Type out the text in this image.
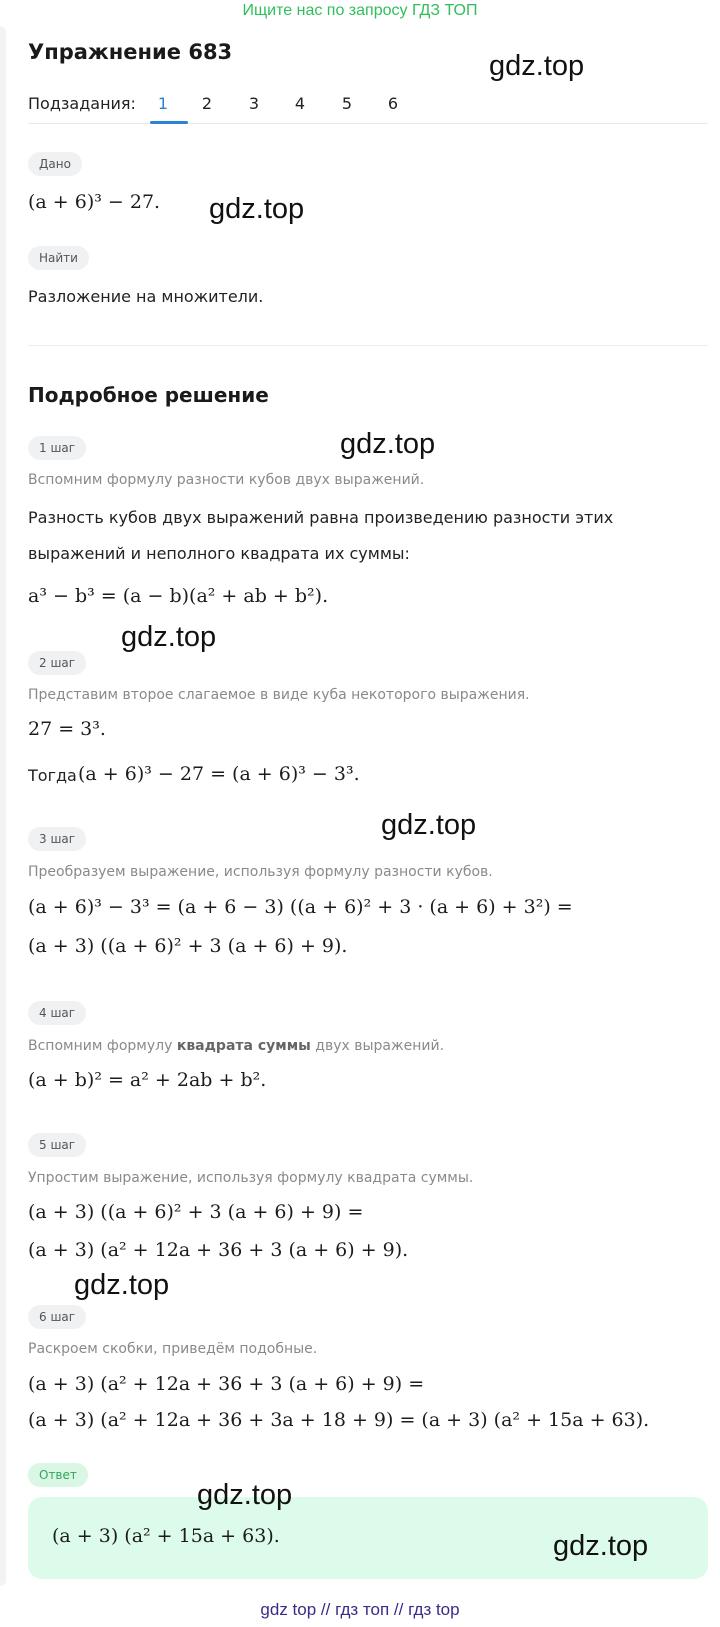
Ищите нас по запросу ГДЗ ТОП
Упражнение 683
Подзадания:	1	2	3	4	5	6
Дано
(a + 6)³ − 27.
Найти
Разложение на множители.
Подробное решение
1 шаг
Вспомним формулу разности кубов двух выражений.
Разность кубов двух выражений равна произведению разности этих
выражений и неполного квадрата их суммы:
a³ − b³ = (a − b)(a² + ab + b²).
2 шаг
Представим второе слагаемое в виде куба некоторого выражения.
27 = 3³.
Тогда (a + 6)³ − 27 = (a + 6)³ − 3³.
3 шаг
Преобразуем выражение, используя формулу разности кубов.
(a + 6)³ − 3³ = (a + 6 − 3) ((a + 6)² + 3 · (a + 6) + 3²) =
(a + 3) ((a + 6)² + 3 (a + 6) + 9).
4 шаг
Вспомним формулу квадрата суммы двух выражений.
(a + b)² = a² + 2ab + b².
5 шаг
Упростим выражение, используя формулу квадрата суммы.
(a + 3) ((a + 6)² + 3 (a + 6) + 9) =
(a + 3) (a² + 12a + 36 + 3 (a + 6) + 9).
6 шаг
Раскроем скобки, приведём подобные.
(a + 3) (a² + 12a + 36 + 3 (a + 6) + 9) =
(a + 3) (a² + 12a + 36 + 3a + 18 + 9) = (a + 3) (a² + 15a + 63).
Ответ
(a + 3) (a² + 15a + 63).
gdz.top
gdz.top
gdz.top
gdz.top
gdz.top
gdz.top
gdz.top
gdz.top
gdz top // гдз топ // гдз top
